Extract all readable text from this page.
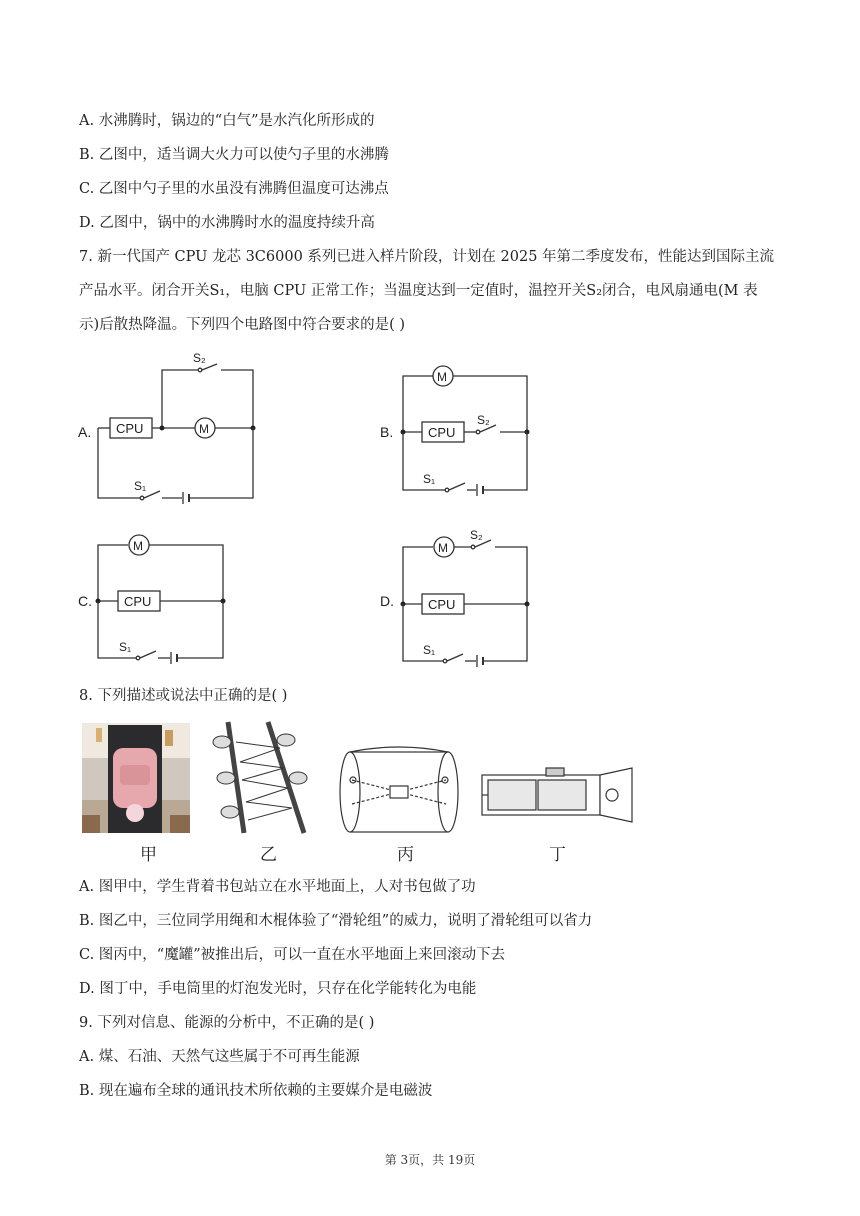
A. 水沸腾时，锅边的“白气”是水汽化所形成的
B. 乙图中，适当调大火力可以使勺子里的水沸腾
C. 乙图中勺子里的水虽没有沸腾但温度可达沸点
D. 乙图中，锅中的水沸腾时水的温度持续升高
7. 新一代国产 CPU 龙芯 3C6000 系列已进入样片阶段，计划在 2025 年第二季度发布，性能达到国际主流
产品水平。闭合开关S₁，电脑 CPU 正常工作；当温度达到一定值时，温控开关S₂闭合，电风扇通电(M 表
示)后散热降温。下列四个电路图中符合要求的是( )
A.
S₂
CPU	M
S₁
B.
M
CPU
S₂
S₁
C.
M
CPU
S₁
D.
M
S₂
CPU
S₁
8. 下列描述或说法中正确的是( )
甲	乙	丙	丁
A. 图甲中，学生背着书包站立在水平地面上，人对书包做了功
B. 图乙中，三位同学用绳和木棍体验了“滑轮组”的威力，说明了滑轮组可以省力
C. 图丙中，“魔罐”被推出后，可以一直在水平地面上来回滚动下去
D. 图丁中，手电筒里的灯泡发光时，只存在化学能转化为电能
9. 下列对信息、能源的分析中，不正确的是( )
A. 煤、石油、天然气这些属于不可再生能源
B. 现在遍布全球的通讯技术所依赖的主要媒介是电磁波
第 3页，共 19页
